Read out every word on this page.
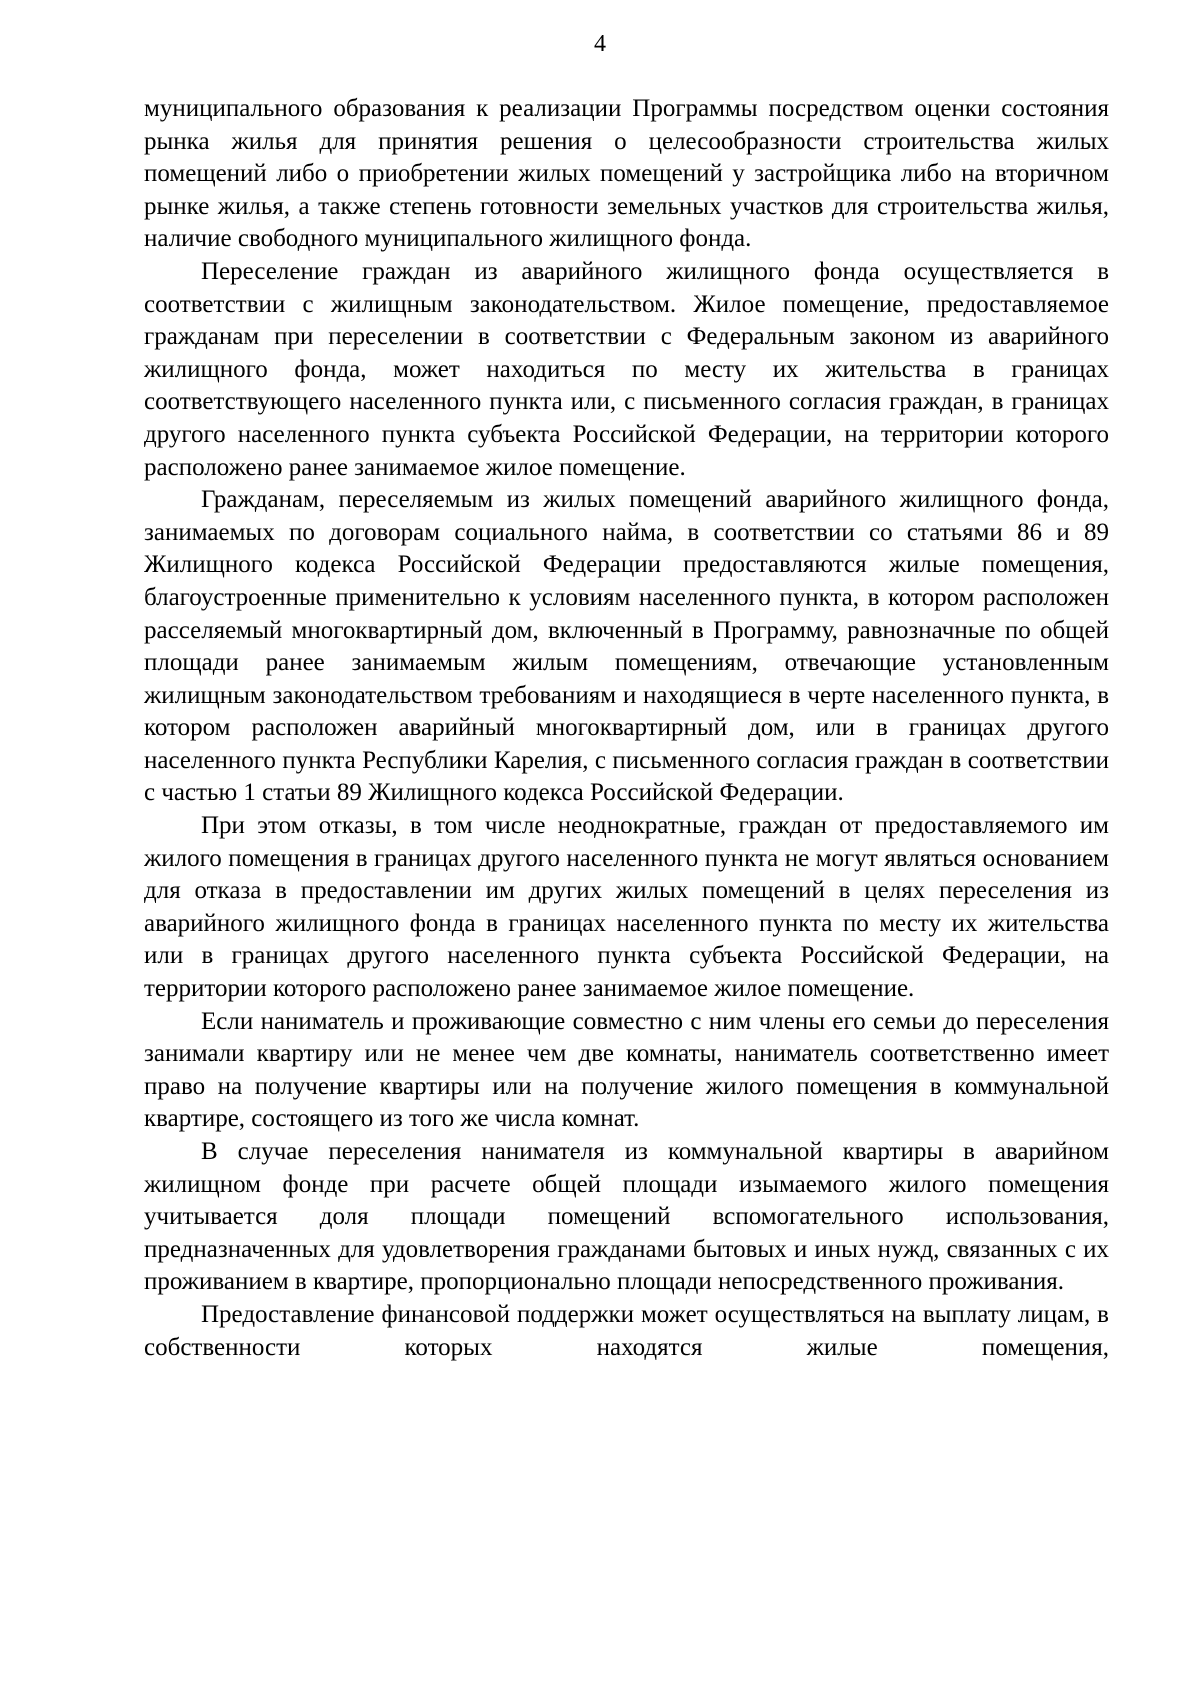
4

муниципального образования к реализации Программы посредством оценки состояния рынка жилья для принятия решения о целесообразности строительства жилых помещений либо о приобретении жилых помещений у застройщика либо на вторичном рынке жилья, а также степень готовности земельных участков для строительства жилья, наличие свободного муниципального жилищного фонда.

Переселение граждан из аварийного жилищного фонда осуществляется в соответствии с жилищным законодательством. Жилое помещение, предоставляемое гражданам при переселении в соответствии с Федеральным законом из аварийного жилищного фонда, может находиться по месту их жительства в границах соответствующего населенного пункта или, с письменного согласия граждан, в границах другого населенного пункта субъекта Российской Федерации, на территории которого расположено ранее занимаемое жилое помещение.

Гражданам, переселяемым из жилых помещений аварийного жилищного фонда, занимаемых по договорам социального найма, в соответствии со статьями 86 и 89 Жилищного кодекса Российской Федерации предоставляются жилые помещения, благоустроенные применительно к условиям населенного пункта, в котором расположен расселяемый многоквартирный дом, включенный в Программу, равнозначные по общей площади ранее занимаемым жилым помещениям, отвечающие установленным жилищным законодательством требованиям и находящиеся в черте населенного пункта, в котором расположен аварийный многоквартирный дом, или в границах другого населенного пункта Республики Карелия, с письменного согласия граждан в соответствии с частью 1 статьи 89 Жилищного кодекса Российской Федерации.

При этом отказы, в том числе неоднократные, граждан от предоставляемого им жилого помещения в границах другого населенного пункта не могут являться основанием для отказа в предоставлении им других жилых помещений в целях переселения из аварийного жилищного фонда в границах населенного пункта по месту их жительства или в границах другого населенного пункта субъекта Российской Федерации, на территории которого расположено ранее занимаемое жилое помещение.

Если наниматель и проживающие совместно с ним члены его семьи до переселения занимали квартиру или не менее чем две комнаты, наниматель соответственно имеет право на получение квартиры или на получение жилого помещения в коммунальной квартире, состоящего из того же числа комнат.

В случае переселения нанимателя из коммунальной квартиры в аварийном жилищном фонде при расчете общей площади изымаемого жилого помещения учитывается доля площади помещений вспомогательного использования, предназначенных для удовлетворения гражданами бытовых и иных нужд, связанных с их проживанием в квартире, пропорционально площади непосредственного проживания.

Предоставление финансовой поддержки может осуществляться на выплату лицам, в собственности которых находятся жилые помещения,
